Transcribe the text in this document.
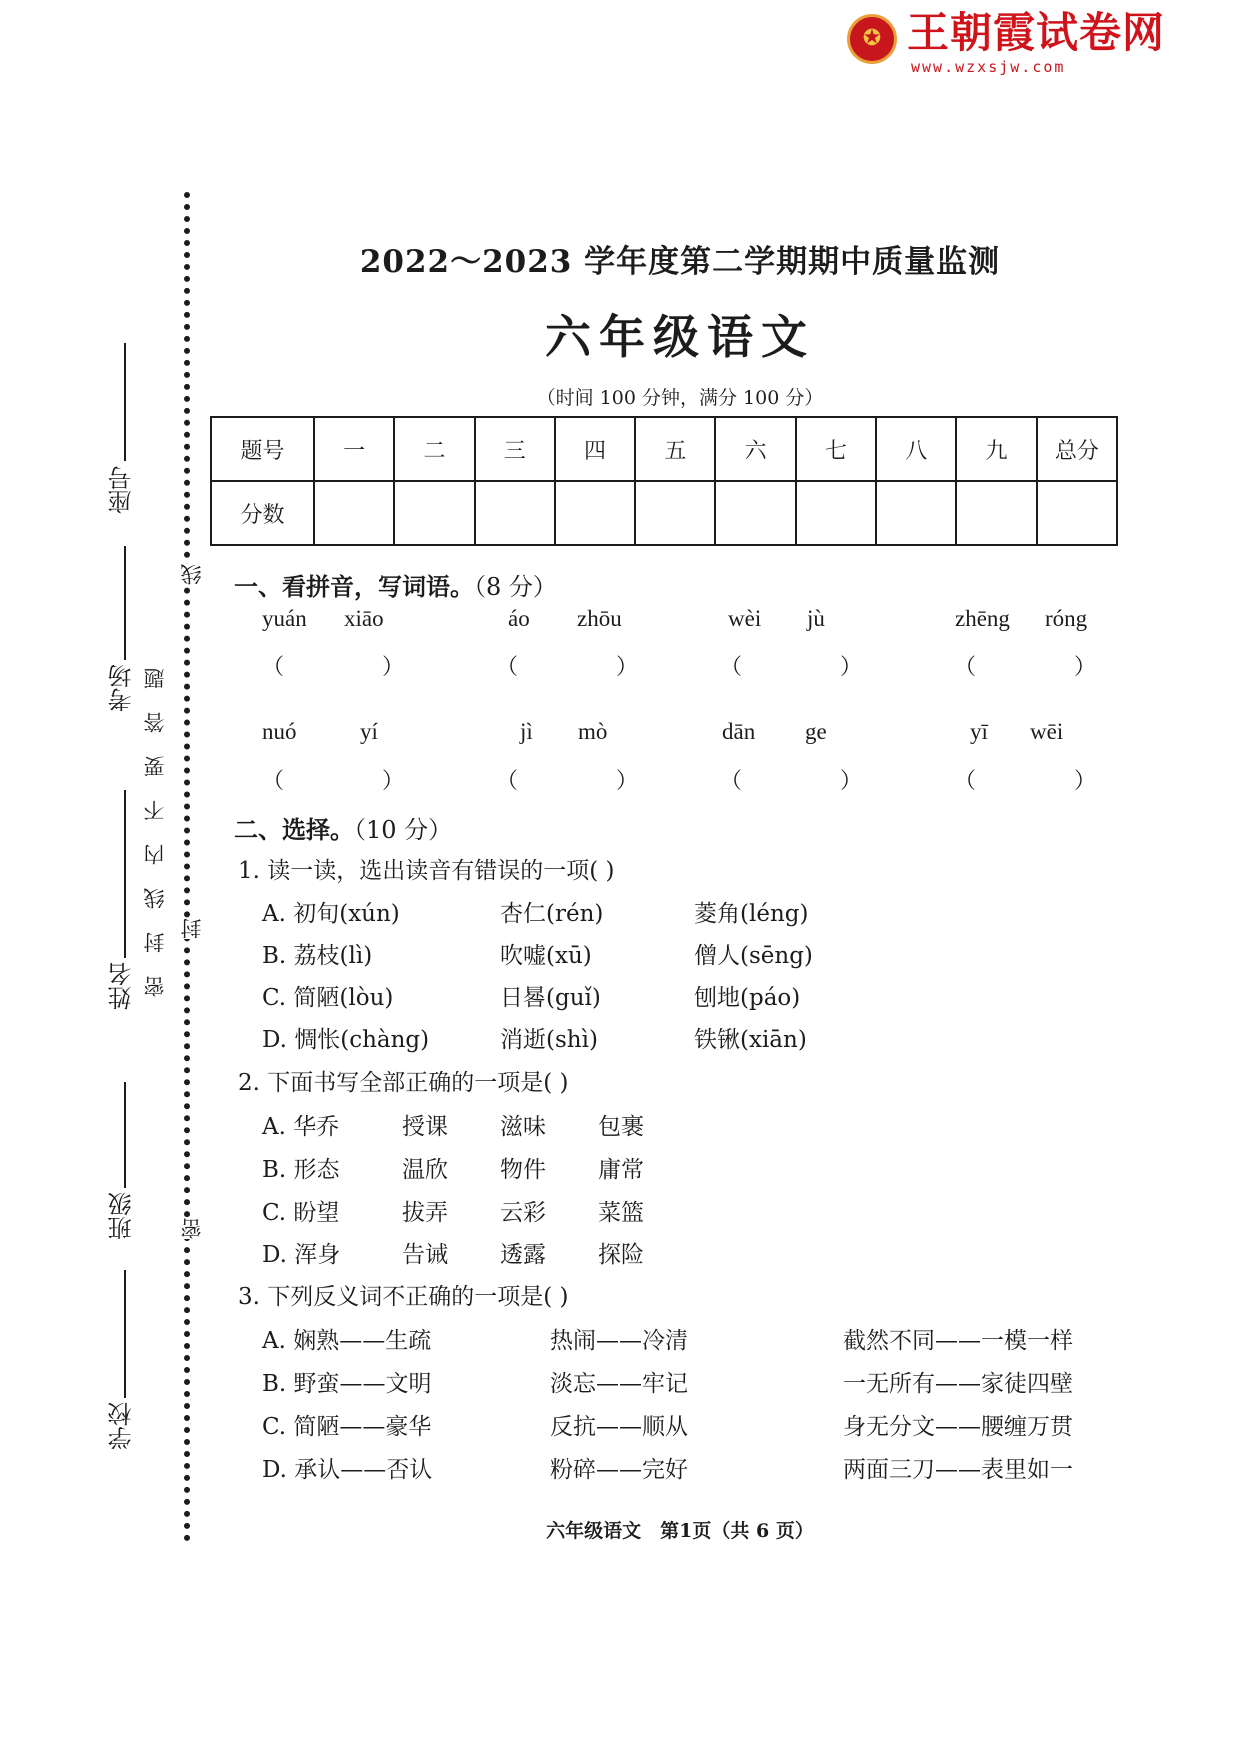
✪ 王朝霞试卷网
www.wzxsjw.com
座号
考场
姓名
班级
学校
密
封
线
内
不
要
答
题
线
封
密
2022～2023 学年度第二学期期中质量监测
六年级语文
（时间 100 分钟，满分 100 分）
题号	一	二	三	四	五	六	七	八	九	总分
分数										
一、看拼音，写词语。（8 分）
yuán xiāo	áo zhōu	wèi jù	zhēng róng
（	）	（	）	（	）	（	）
nuó	yí	jì mò	dān ge	yī wēi
（	）	（	）	（	）	（	）
二、选择。（10 分）
1. 读一读，选出读音有错误的一项( )
A. 初旬(xún)	杏仁(rén)	菱角(léng)
B. 荔枝(lì)	吹嘘(xū)	僧人(sēng)
C. 简陋(lòu)	日晷(guǐ)	刨地(páo)
D. 惆怅(chàng)	消逝(shì)	铁锹(xiān)
2. 下面书写全部正确的一项是( )
A. 华乔	授课 滋味 包裹
B. 形态	温欣 物件 庸常
C. 盼望	拔弄 云彩 菜篮
D. 浑身	告诫 透露 探险
3. 下列反义词不正确的一项是( )
A. 娴熟——生疏	热闹——冷清	截然不同——一模一样
B. 野蛮——文明	淡忘——牢记	一无所有——家徒四壁
C. 简陋——豪华	反抗——顺从	身无分文——腰缠万贯
D. 承认——否认	粉碎——完好	两面三刀——表里如一
六年级语文　第1页（共 6 页）
